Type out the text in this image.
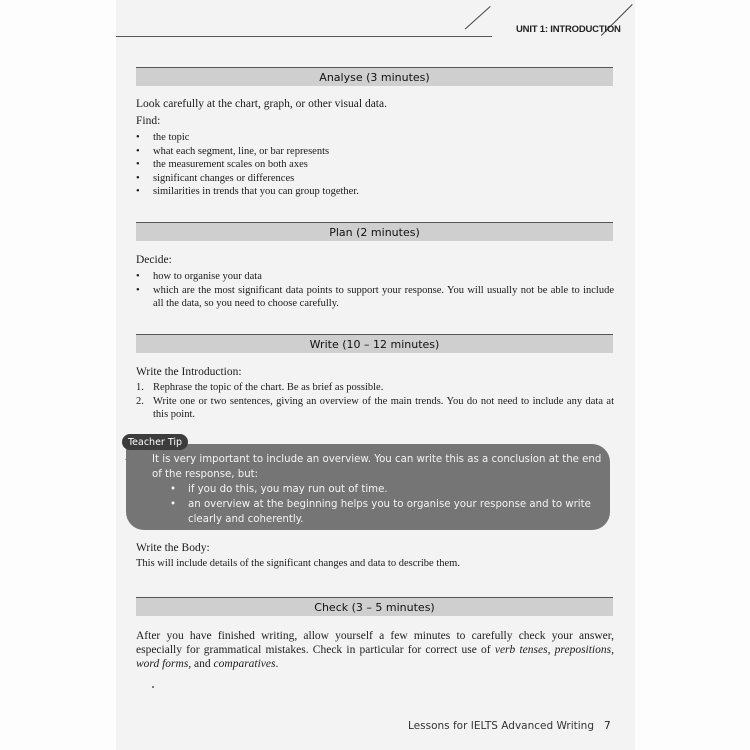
UNIT 1: INTRODUCTION
Analyse (3 minutes)
Look carefully at the chart, graph, or other visual data.
Find:
• the topic
• what each segment, line, or bar represents
• the measurement scales on both axes
• significant changes or differences
• similarities in trends that you can group together.
Plan (2 minutes)
Decide:
• how to organise your data
• which are the most significant data points to support your response. You will usually not be able to include all the data, so you need to choose carefully.
Write (10 – 12 minutes)
Write the Introduction:
1. Rephrase the topic of the chart. Be as brief as possible.
2. Write one or two sentences, giving an overview of the main trends. You do not need to include any data at this point.
Teacher Tip
It is very important to include an overview. You can write this as a conclusion at the end of the response, but:
• if you do this, you may run out of time.
• an overview at the beginning helps you to organise your response and to write clearly and coherently.
Write the Body:
This will include details of the significant changes and data to describe them.
Check (3 – 5 minutes)
After you have finished writing, allow yourself a few minutes to carefully check your answer, especially for grammatical mistakes. Check in particular for correct use of verb tenses, prepositions, word forms, and comparatives.
Lessons for IELTS Advanced Writing 7
